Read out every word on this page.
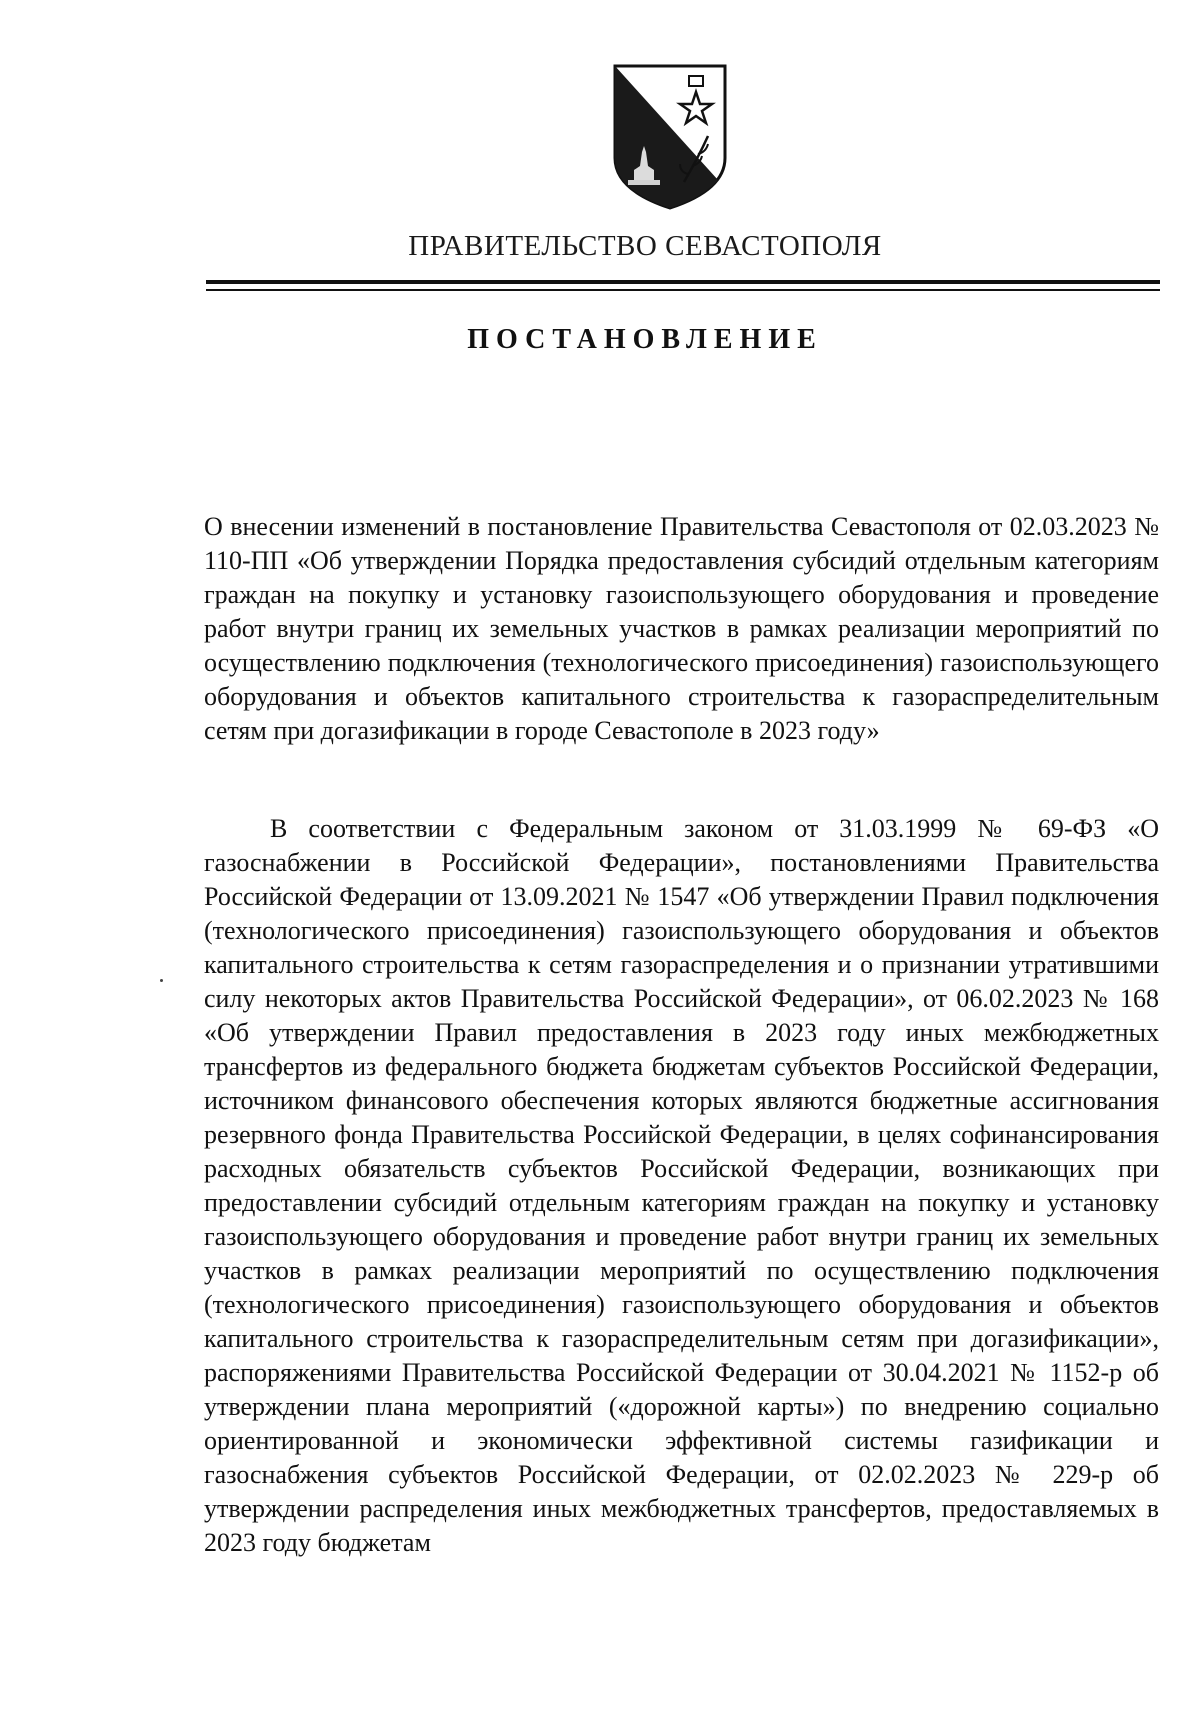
ПРАВИТЕЛЬСТВО СЕВАСТОПОЛЯ
ПОСТАНОВЛЕНИЕ
О внесении изменений в постановление Правительства Севастополя от 02.03.2023 № 110-ПП «Об утверждении Порядка предоставления субсидий отдельным категориям граждан на покупку и установку газоиспользующего оборудования и проведение работ внутри границ их земельных участков в рамках реализации мероприятий по осуществлению подключения (технологического присоединения) газоиспользующего оборудования и объектов капитального строительства к газораспределительным сетям при догазификации в городе Севастополе в 2023 году»
В соответствии с Федеральным законом от 31.03.1999 № 69-ФЗ «О газоснабжении в Российской Федерации», постановлениями Правительства Российской Федерации от 13.09.2021 № 1547 «Об утверждении Правил подключения (технологического присоединения) газоиспользующего оборудования и объектов капитального строительства к сетям газораспределения и о признании утратившими силу некоторых актов Правительства Российской Федерации», от 06.02.2023 № 168 «Об утверждении Правил предоставления в 2023 году иных межбюджетных трансфертов из федерального бюджета бюджетам субъектов Российской Федерации, источником финансового обеспечения которых являются бюджетные ассигнования резервного фонда Правительства Российской Федерации, в целях софинансирования расходных обязательств субъектов Российской Федерации, возникающих при предоставлении субсидий отдельным категориям граждан на покупку и установку газоиспользующего оборудования и проведение работ внутри границ их земельных участков в рамках реализации мероприятий по осуществлению подключения (технологического присоединения) газоиспользующего оборудования и объектов капитального строительства к газораспределительным сетям при догазификации», распоряжениями Правительства Российской Федерации от 30.04.2021 № 1152-р об утверждении плана мероприятий («дорожной карты») по внедрению социально ориентированной и экономически эффективной системы газификации и газоснабжения субъектов Российской Федерации, от 02.02.2023 № 229-р об утверждении распределения иных межбюджетных трансфертов, предоставляемых в 2023 году бюджетам
